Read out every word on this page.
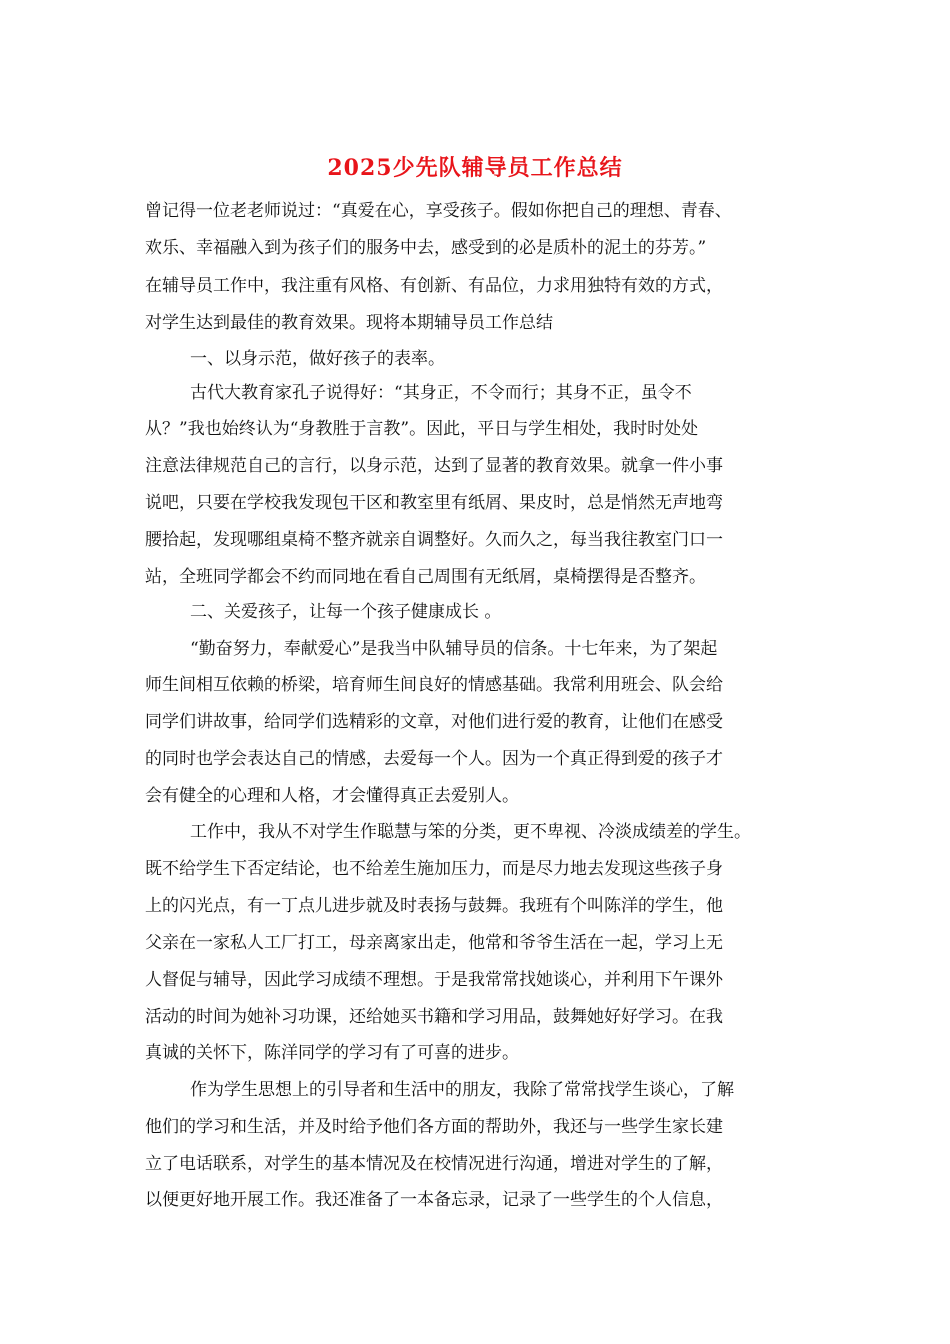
2025少先队辅导员工作总结

曾记得一位老老师说过：“真爱在心，享受孩子。假如你把自己的理想、青春、

欢乐、幸福融入到为孩子们的服务中去，感受到的必是质朴的泥土的芬芳。”

在辅导员工作中，我注重有风格、有创新、有品位，力求用独特有效的方式，

对学生达到最佳的教育效果。现将本期辅导员工作总结

一、以身示范，做好孩子的表率。

古代大教育家孔子说得好：“其身正，不令而行；其身不正，虽令不

从？”我也始终认为“身教胜于言教”。因此，平日与学生相处，我时时处处

注意法律规范自己的言行，以身示范，达到了显著的教育效果。就拿一件小事

说吧，只要在学校我发现包干区和教室里有纸屑、果皮时，总是悄然无声地弯

腰拾起，发现哪组桌椅不整齐就亲自调整好。久而久之，每当我往教室门口一

站，全班同学都会不约而同地在看自己周围有无纸屑，桌椅摆得是否整齐。

二、关爱孩子，让每一个孩子健康成长 。

“勤奋努力，奉献爱心”是我当中队辅导员的信条。十七年来，为了架起

师生间相互依赖的桥梁，培育师生间良好的情感基础。我常利用班会、队会给

同学们讲故事，给同学们选精彩的文章，对他们进行爱的教育，让他们在感受

的同时也学会表达自己的情感，去爱每一个人。因为一个真正得到爱的孩子才

会有健全的心理和人格，才会懂得真正去爱别人。

工作中，我从不对学生作聪慧与笨的分类，更不卑视、冷淡成绩差的学生。

既不给学生下否定结论，也不给差生施加压力，而是尽力地去发现这些孩子身

上的闪光点，有一丁点儿进步就及时表扬与鼓舞。我班有个叫陈洋的学生，他

父亲在一家私人工厂打工，母亲离家出走，他常和爷爷生活在一起，学习上无

人督促与辅导，因此学习成绩不理想。于是我常常找她谈心，并利用下午课外

活动的时间为她补习功课，还给她买书籍和学习用品，鼓舞她好好学习。在我

真诚的关怀下，陈洋同学的学习有了可喜的进步。

作为学生思想上的引导者和生活中的朋友，我除了常常找学生谈心，了解

他们的学习和生活，并及时给予他们各方面的帮助外，我还与一些学生家长建

立了电话联系，对学生的基本情况及在校情况进行沟通，增进对学生的了解，

以便更好地开展工作。我还准备了一本备忘录，记录了一些学生的个人信息，
